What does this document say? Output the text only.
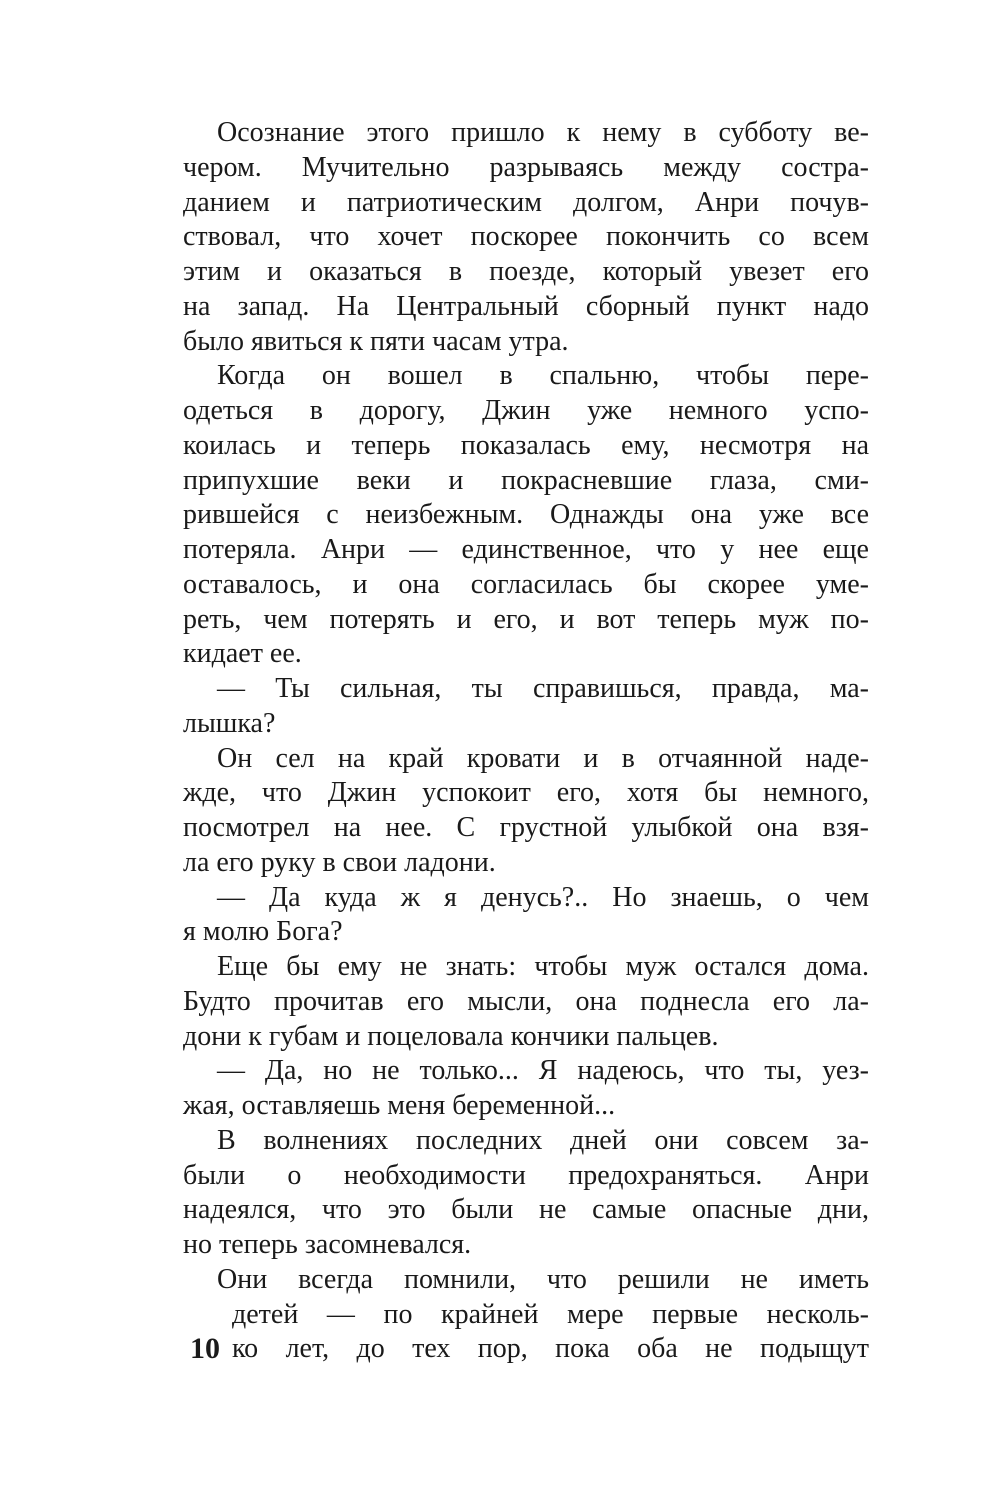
Осознание этого пришло к нему в субботу ве-
чером. Мучительно разрываясь между состра-
данием и патриотическим долгом, Анри почув-
ствовал, что хочет поскорее покончить со всем
этим и оказаться в поезде, который увезет его
на запад. На Центральный сборный пункт надо
было явиться к пяти часам утра.
Когда он вошел в спальню, чтобы пере-
одеться в дорогу, Джин уже немного успо-
коилась и теперь показалась ему, несмотря на
припухшие веки и покрасневшие глаза, сми-
рившейся с неизбежным. Однажды она уже все
потеряла. Анри — единственное, что у нее еще
оставалось, и она согласилась бы скорее уме-
реть, чем потерять и его, и вот теперь муж по-
кидает ее.
— Ты сильная, ты справишься, правда, ма-
лышка?
Он сел на край кровати и в отчаянной наде-
жде, что Джин успокоит его, хотя бы немного,
посмотрел на нее. С грустной улыбкой она взя-
ла его руку в свои ладони.
— Да куда ж я денусь?.. Но знаешь, о чем
я молю Бога?
Еще бы ему не знать: чтобы муж остался дома.
Будто прочитав его мысли, она поднесла его ла-
дони к губам и поцеловала кончики пальцев.
— Да, но не только... Я надеюсь, что ты, уез-
жая, оставляешь меня беременной...
В волнениях последних дней они совсем за-
были о необходимости предохраняться. Анри
надеялся, что это были не самые опасные дни,
но теперь засомневался.
Они всегда помнили, что решили не иметь
детей — по крайней мере первые несколь-
ко лет, до тех пор, пока оба не подыщут
10
